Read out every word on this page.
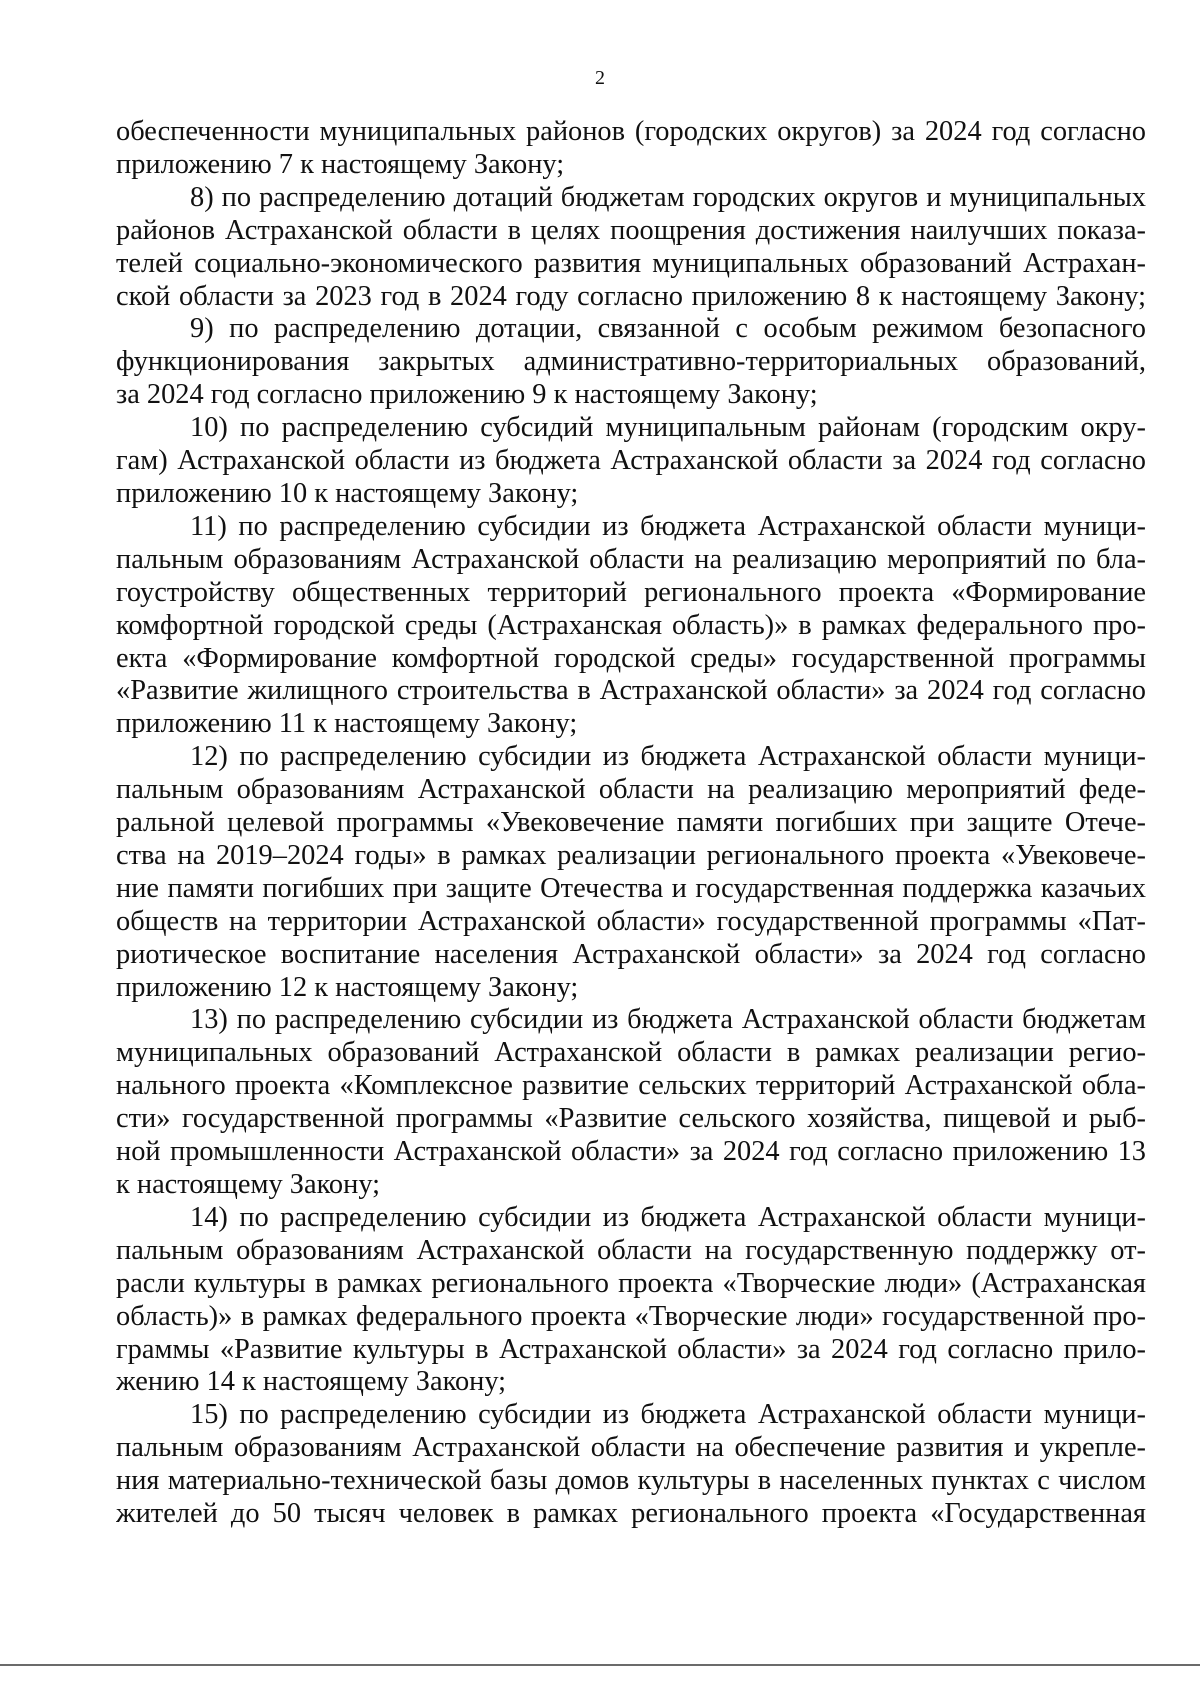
2
обеспеченности муниципальных районов (городских округов) за 2024 год согласно
приложению 7 к настоящему Закону;
8) по распределению дотаций бюджетам городских округов и муниципальных
районов Астраханской области в целях поощрения достижения наилучших показа-
телей социально-экономического развития муниципальных образований Астрахан-
ской области за 2023 год в 2024 году согласно приложению 8 к настоящему Закону;
9) по распределению дотации, связанной с особым режимом безопасного
функционирования закрытых административно-территориальных образований,
за 2024 год согласно приложению 9 к настоящему Закону;
10) по распределению субсидий муниципальным районам (городским окру-
гам) Астраханской области из бюджета Астраханской области за 2024 год согласно
приложению 10 к настоящему Закону;
11) по распределению субсидии из бюджета Астраханской области муници-
пальным образованиям Астраханской области на реализацию мероприятий по бла-
гоустройству общественных территорий регионального проекта «Формирование
комфортной городской среды (Астраханская область)» в рамках федерального про-
екта «Формирование комфортной городской среды» государственной программы
«Развитие жилищного строительства в Астраханской области» за 2024 год согласно
приложению 11 к настоящему Закону;
12) по распределению субсидии из бюджета Астраханской области муници-
пальным образованиям Астраханской области на реализацию мероприятий феде-
ральной целевой программы «Увековечение памяти погибших при защите Отече-
ства на 2019–2024 годы» в рамках реализации регионального проекта «Увековече-
ние памяти погибших при защите Отечества и государственная поддержка казачьих
обществ на территории Астраханской области» государственной программы «Пат-
риотическое воспитание населения Астраханской области» за 2024 год согласно
приложению 12 к настоящему Закону;
13) по распределению субсидии из бюджета Астраханской области бюджетам
муниципальных образований Астраханской области в рамках реализации регио-
нального проекта «Комплексное развитие сельских территорий Астраханской обла-
сти» государственной программы «Развитие сельского хозяйства, пищевой и рыб-
ной промышленности Астраханской области» за 2024 год согласно приложению 13
к настоящему Закону;
14) по распределению субсидии из бюджета Астраханской области муници-
пальным образованиям Астраханской области на государственную поддержку от-
расли культуры в рамках регионального проекта «Творческие люди» (Астраханская
область)» в рамках федерального проекта «Творческие люди» государственной про-
граммы «Развитие культуры в Астраханской области» за 2024 год согласно прило-
жению 14 к настоящему Закону;
15) по распределению субсидии из бюджета Астраханской области муници-
пальным образованиям Астраханской области на обеспечение развития и укрепле-
ния материально-технической базы домов культуры в населенных пунктах с числом
жителей до 50 тысяч человек в рамках регионального проекта «Государственная
